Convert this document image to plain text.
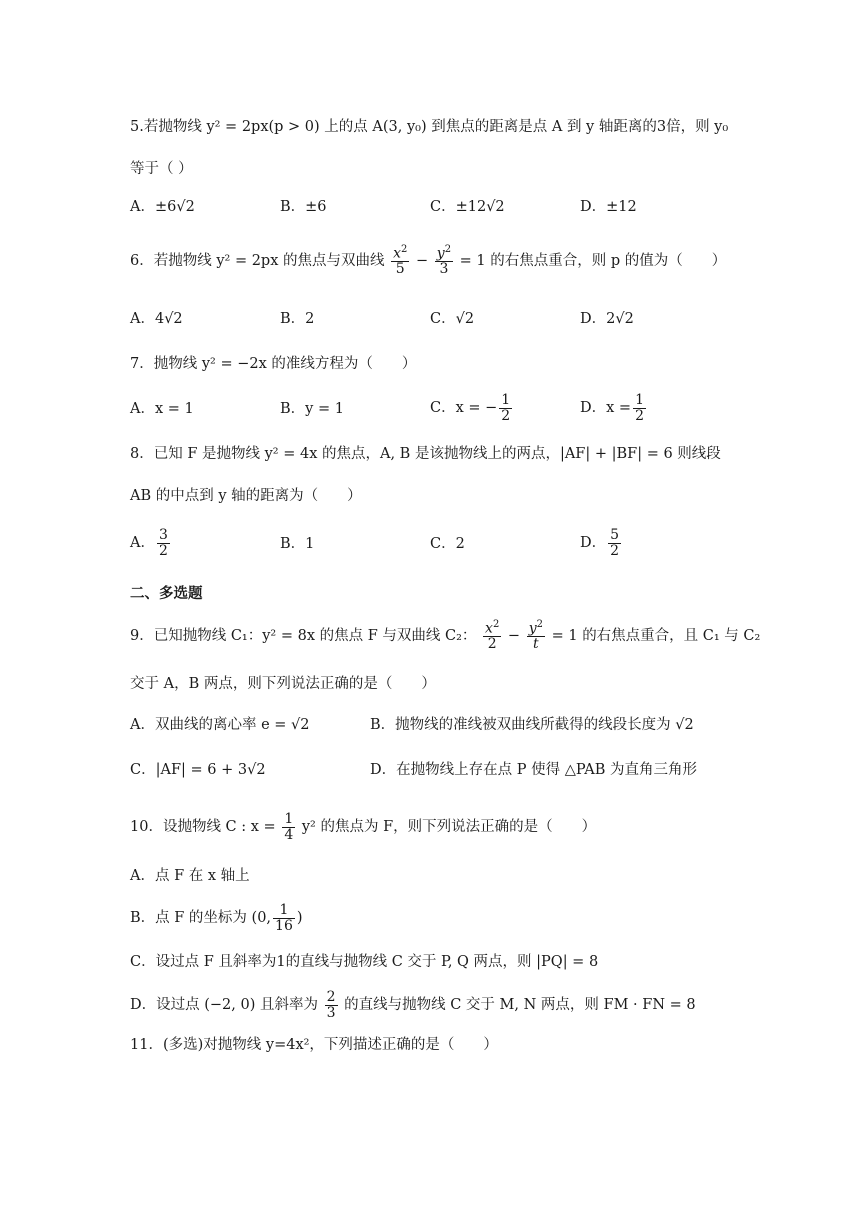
5.若抛物线 y² = 2px(p > 0) 上的点 A(3, y₀) 到焦点的距离是点 A 到 y 轴距离的3倍，则 y₀
等于（ ）
A．±6√2	B．±6	C．±12√2	D．±12
6．若抛物线 y² = 2px 的焦点与双曲线 $\frac{x^2}{5} - \frac{y^2}{3} = 1$ 的右焦点重合，则 p 的值为（　　）
A．4√2	B．2	C．√2	D．2√2
7．抛物线 y² = −2x 的准线方程为（　　）
A．x = 1	B．y = 1	C．x = − $\frac{1}{2}$	D．$x = \frac{1}{2}$
8．已知 F 是抛物线 y² = 4x 的焦点，A, B 是该抛物线上的两点，|AF| + |BF| = 6 则线段
AB 的中点到 y 轴的距离为（　　）
A． $\frac{3}{2}$	B．1	C．2	D． $\frac{5}{2}$
二、多选题
9．已知抛物线 C₁：y² = 8x 的焦点 F 与双曲线 C₂： $\frac{x^2}{2} - \frac{y^2}{t} = 1$ 的右焦点重合，且 C₁ 与 C₂
交于 A，B 两点，则下列说法正确的是（　　）
A．双曲线的离心率 e = √2	B．抛物线的准线被双曲线所截得的线段长度为 √2
C．|AF| = 6 + 3√2	D．在抛物线上存在点 P 使得 △PAB 为直角三角形
10．设抛物线 C : $x = \frac{1}{4} y^2$ 的焦点为 F，则下列说法正确的是（　　）
A．点 F 在 x 轴上
B．点 F 的坐标为 (0, $\frac{1}{16}$ )
C．设过点 F 且斜率为1的直线与抛物线 C 交于 P, Q 两点，则 |PQ| = 8
D．设过点 (−2, 0) 且斜率为 $\frac{2}{3}$ 的直线与抛物线 C 交于 M, N 两点，则 FM · FN = 8
11．(多选)对抛物线 y=4x²，下列描述正确的是（　　）
